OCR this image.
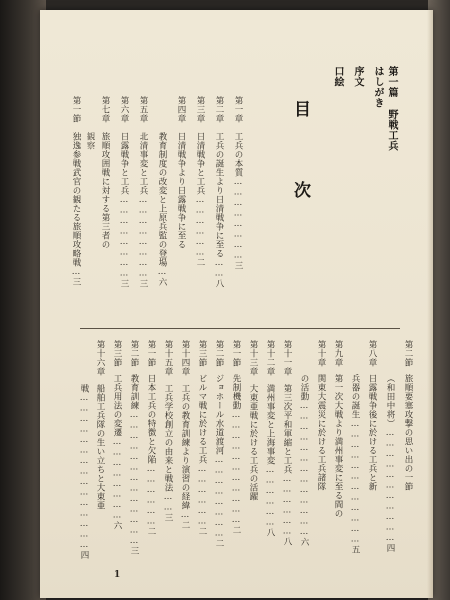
目 次
口絵 序文 はしがき 第一篇 野戦工兵
第一章
工兵の本質……………………三
第二章
工兵の誕生より日清戦争に至る……八
第三章
日清戦争と工兵………………二
第四章
日清戦争より日露戦争に至る
教育制度の改変と上原兵監の登場…六
第五章
北清事変と工兵……………………三
第六章
日露戦争と工兵……………………三
第七章
旅順攻囲戦に対する第三者の
観察
第一節
独逸参戦武官の観たる旅順攻略戦…三
第二節
旅順要塞攻撃の思い出の一節
（和田中将）……………………………四
第八章
日露戦争後に於ける工兵と新
兵器の誕生………………………………五
第九章
第一次大戦より満州事変に至る間の
第十章
関東大震災に於ける工兵諸隊
の活動…………………………………六
第十一章
第三次平和軍縮と工兵………………八
第十二章
満州事変と上海事変………………八
第十三章
大東亜戦に於ける工兵の活躍
第一節
先制機動……………………………二
第二節
ジョホール水道渡河……………………二
第三節
ビルマ戦に於ける工兵………………二
第十四章
工兵の教育訓練より演習の経緯…二
第十五章
工兵学校創立の由来と戦法……三
第一節
日本工兵の特徴と欠陥………………二
第二節
教育訓練…………………………………三
第三節
工兵用法の変遷……………………六
第十六章
船舶工兵隊の生い立ちと大東亜
戦………………………………………四
1
